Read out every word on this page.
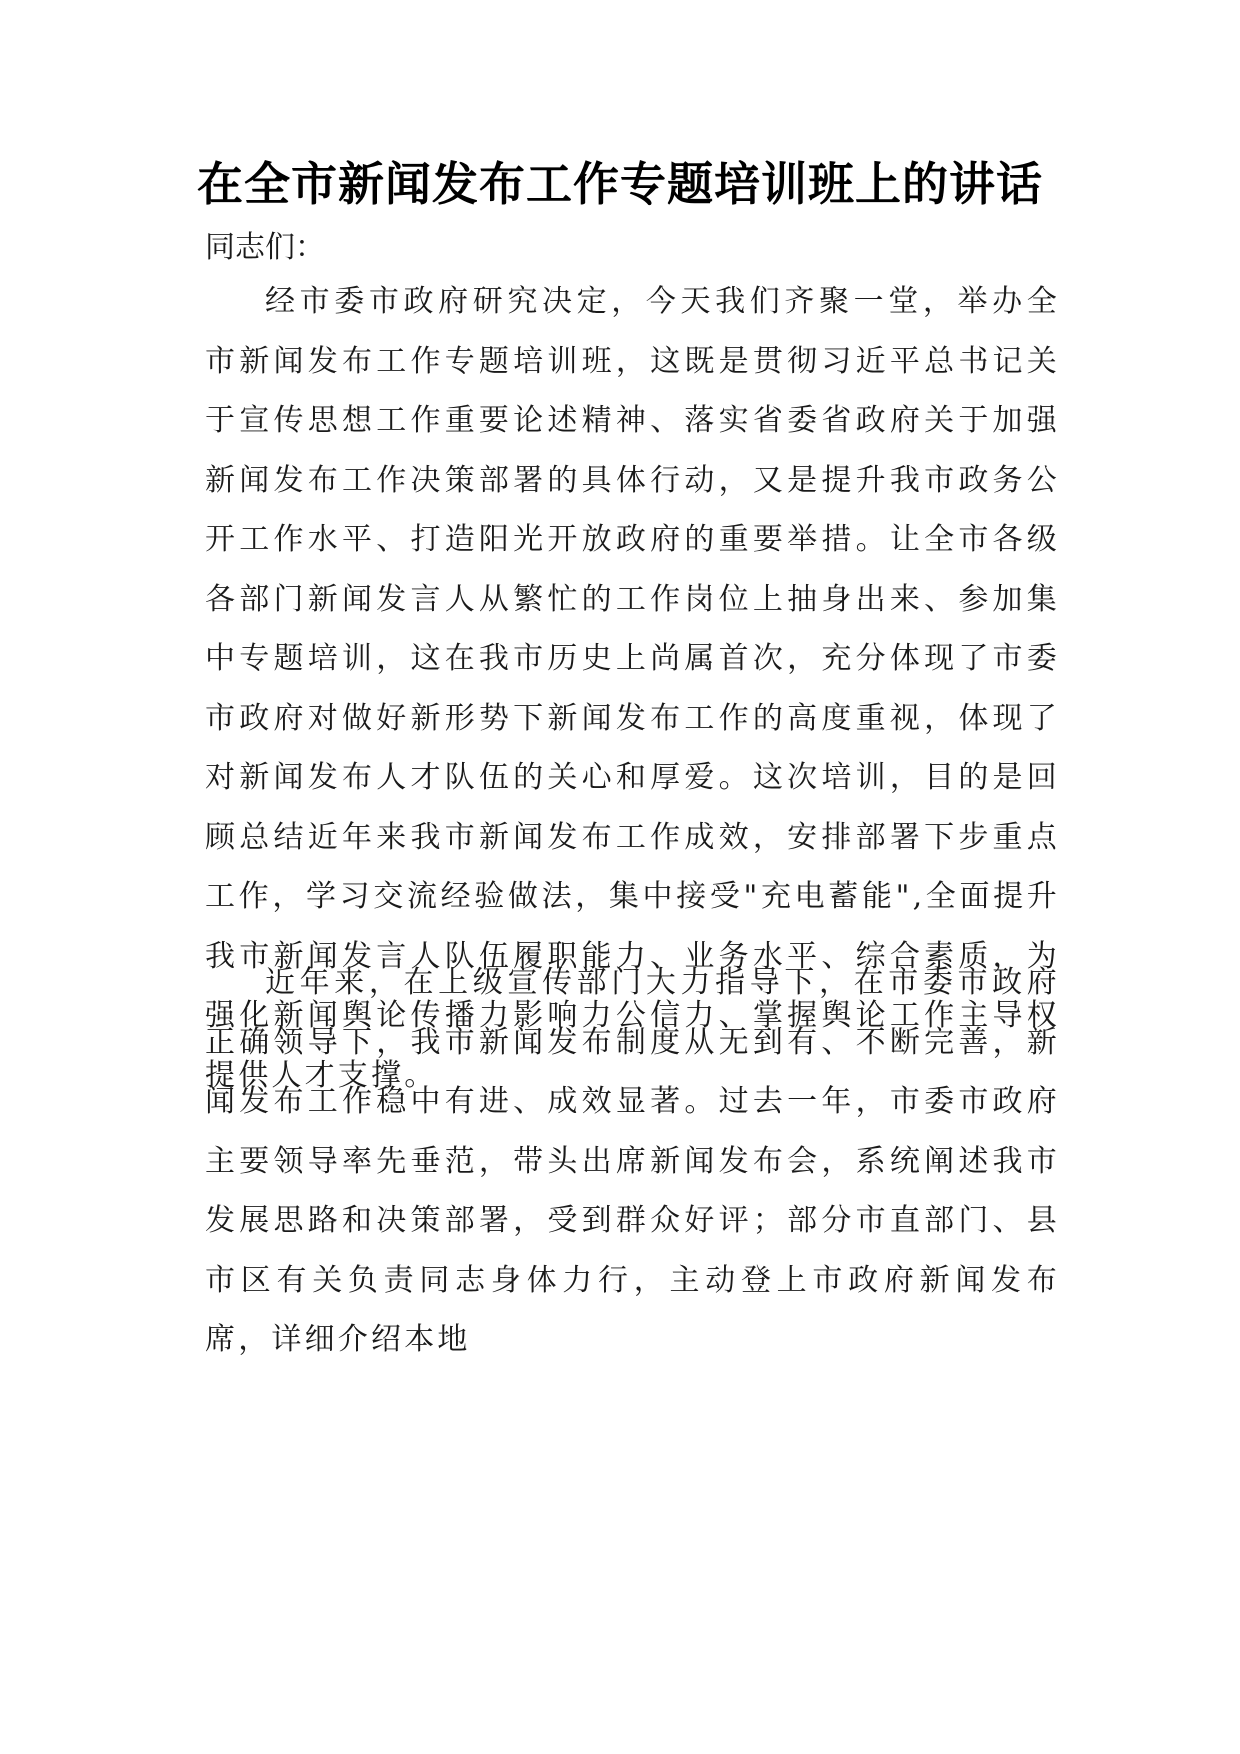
在全市新闻发布工作专题培训班上的讲话

同志们：

经市委市政府研究决定，今天我们齐聚一堂，举办全市新闻发布工作专题培训班，这既是贯彻习近平总书记关于宣传思想工作重要论述精神、落实省委省政府关于加强新闻发布工作决策部署的具体行动，又是提升我市政务公开工作水平、打造阳光开放政府的重要举措。让全市各级各部门新闻发言人从繁忙的工作岗位上抽身出来、参加集中专题培训，这在我市历史上尚属首次，充分体现了市委市政府对做好新形势下新闻发布工作的高度重视，体现了对新闻发布人才队伍的关心和厚爱。这次培训，目的是回顾总结近年来我市新闻发布工作成效，安排部署下步重点工作，学习交流经验做法，集中接受"充电蓄能",全面提升我市新闻发言人队伍履职能力、业务水平、综合素质，为强化新闻舆论传播力影响力公信力、掌握舆论工作主导权提供人才支撑。

近年来，在上级宣传部门大力指导下，在市委市政府正确领导下，我市新闻发布制度从无到有、不断完善，新闻发布工作稳中有进、成效显著。过去一年，市委市政府主要领导率先垂范，带头出席新闻发布会，系统阐述我市发展思路和决策部署，受到群众好评；部分市直部门、县市区有关负责同志身体力行，主动登上市政府新闻发布席，详细介绍本地
